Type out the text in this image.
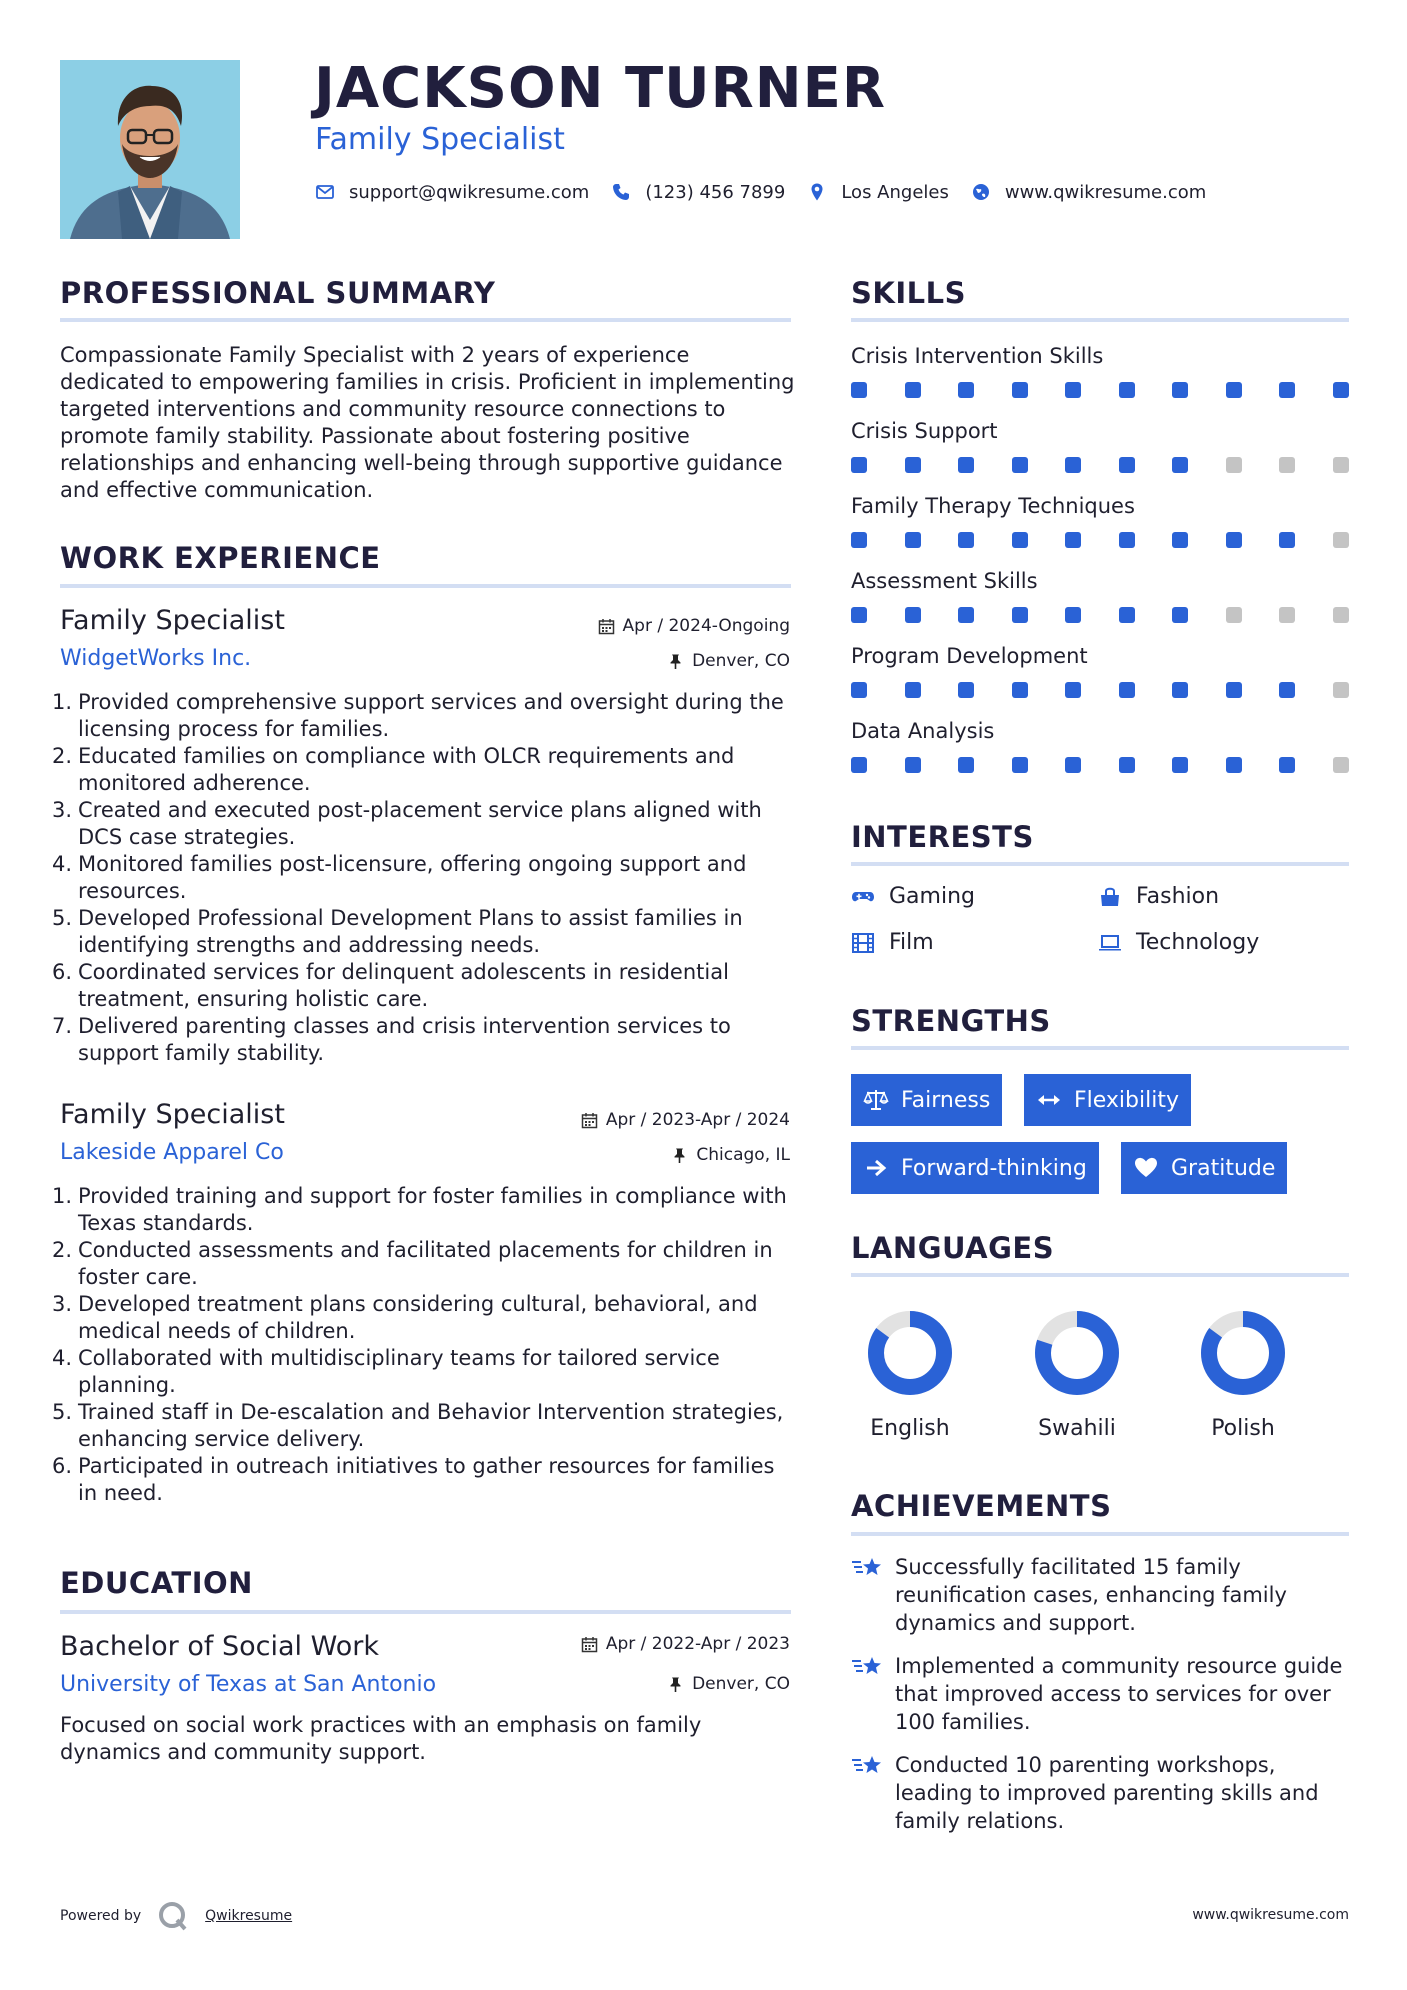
JACKSON TURNER
Family Specialist
support@qwikresume.com	(123) 456 7899	Los Angeles	www.qwikresume.com
PROFESSIONAL SUMMARY
Compassionate Family Specialist with 2 years of experience dedicated to empowering families in crisis. Proficient in implementing targeted interventions and community resource connections to promote family stability. Passionate about fostering positive relationships and enhancing well-being through supportive guidance and effective communication.
WORK EXPERIENCE
Family Specialist	Apr / 2024-Ongoing
WidgetWorks Inc.	Denver, CO
1. Provided comprehensive support services and oversight during the licensing process for families.
2. Educated families on compliance with OLCR requirements and monitored adherence.
3. Created and executed post-placement service plans aligned with DCS case strategies.
4. Monitored families post-licensure, offering ongoing support and resources.
5. Developed Professional Development Plans to assist families in identifying strengths and addressing needs.
6. Coordinated services for delinquent adolescents in residential treatment, ensuring holistic care.
7. Delivered parenting classes and crisis intervention services to support family stability.
Family Specialist	Apr / 2023-Apr / 2024
Lakeside Apparel Co	Chicago, IL
1. Provided training and support for foster families in compliance with Texas standards.
2. Conducted assessments and facilitated placements for children in foster care.
3. Developed treatment plans considering cultural, behavioral, and medical needs of children.
4. Collaborated with multidisciplinary teams for tailored service planning.
5. Trained staff in De-escalation and Behavior Intervention strategies, enhancing service delivery.
6. Participated in outreach initiatives to gather resources for families in need.
EDUCATION
Bachelor of Social Work	Apr / 2022-Apr / 2023
University of Texas at San Antonio	Denver, CO
Focused on social work practices with an emphasis on family dynamics and community support.
SKILLS
Crisis Intervention Skills
Crisis Support
Family Therapy Techniques
Assessment Skills
Program Development
Data Analysis
INTERESTS
Gaming	Fashion
Film	Technology
STRENGTHS
Fairness	Flexibility
Forward-thinking	Gratitude
LANGUAGES
English	Swahili	Polish
ACHIEVEMENTS
Successfully facilitated 15 family reunification cases, enhancing family dynamics and support.
Implemented a community resource guide that improved access to services for over 100 families.
Conducted 10 parenting workshops, leading to improved parenting skills and family relations.
Powered by	Qwikresume	www.qwikresume.com
